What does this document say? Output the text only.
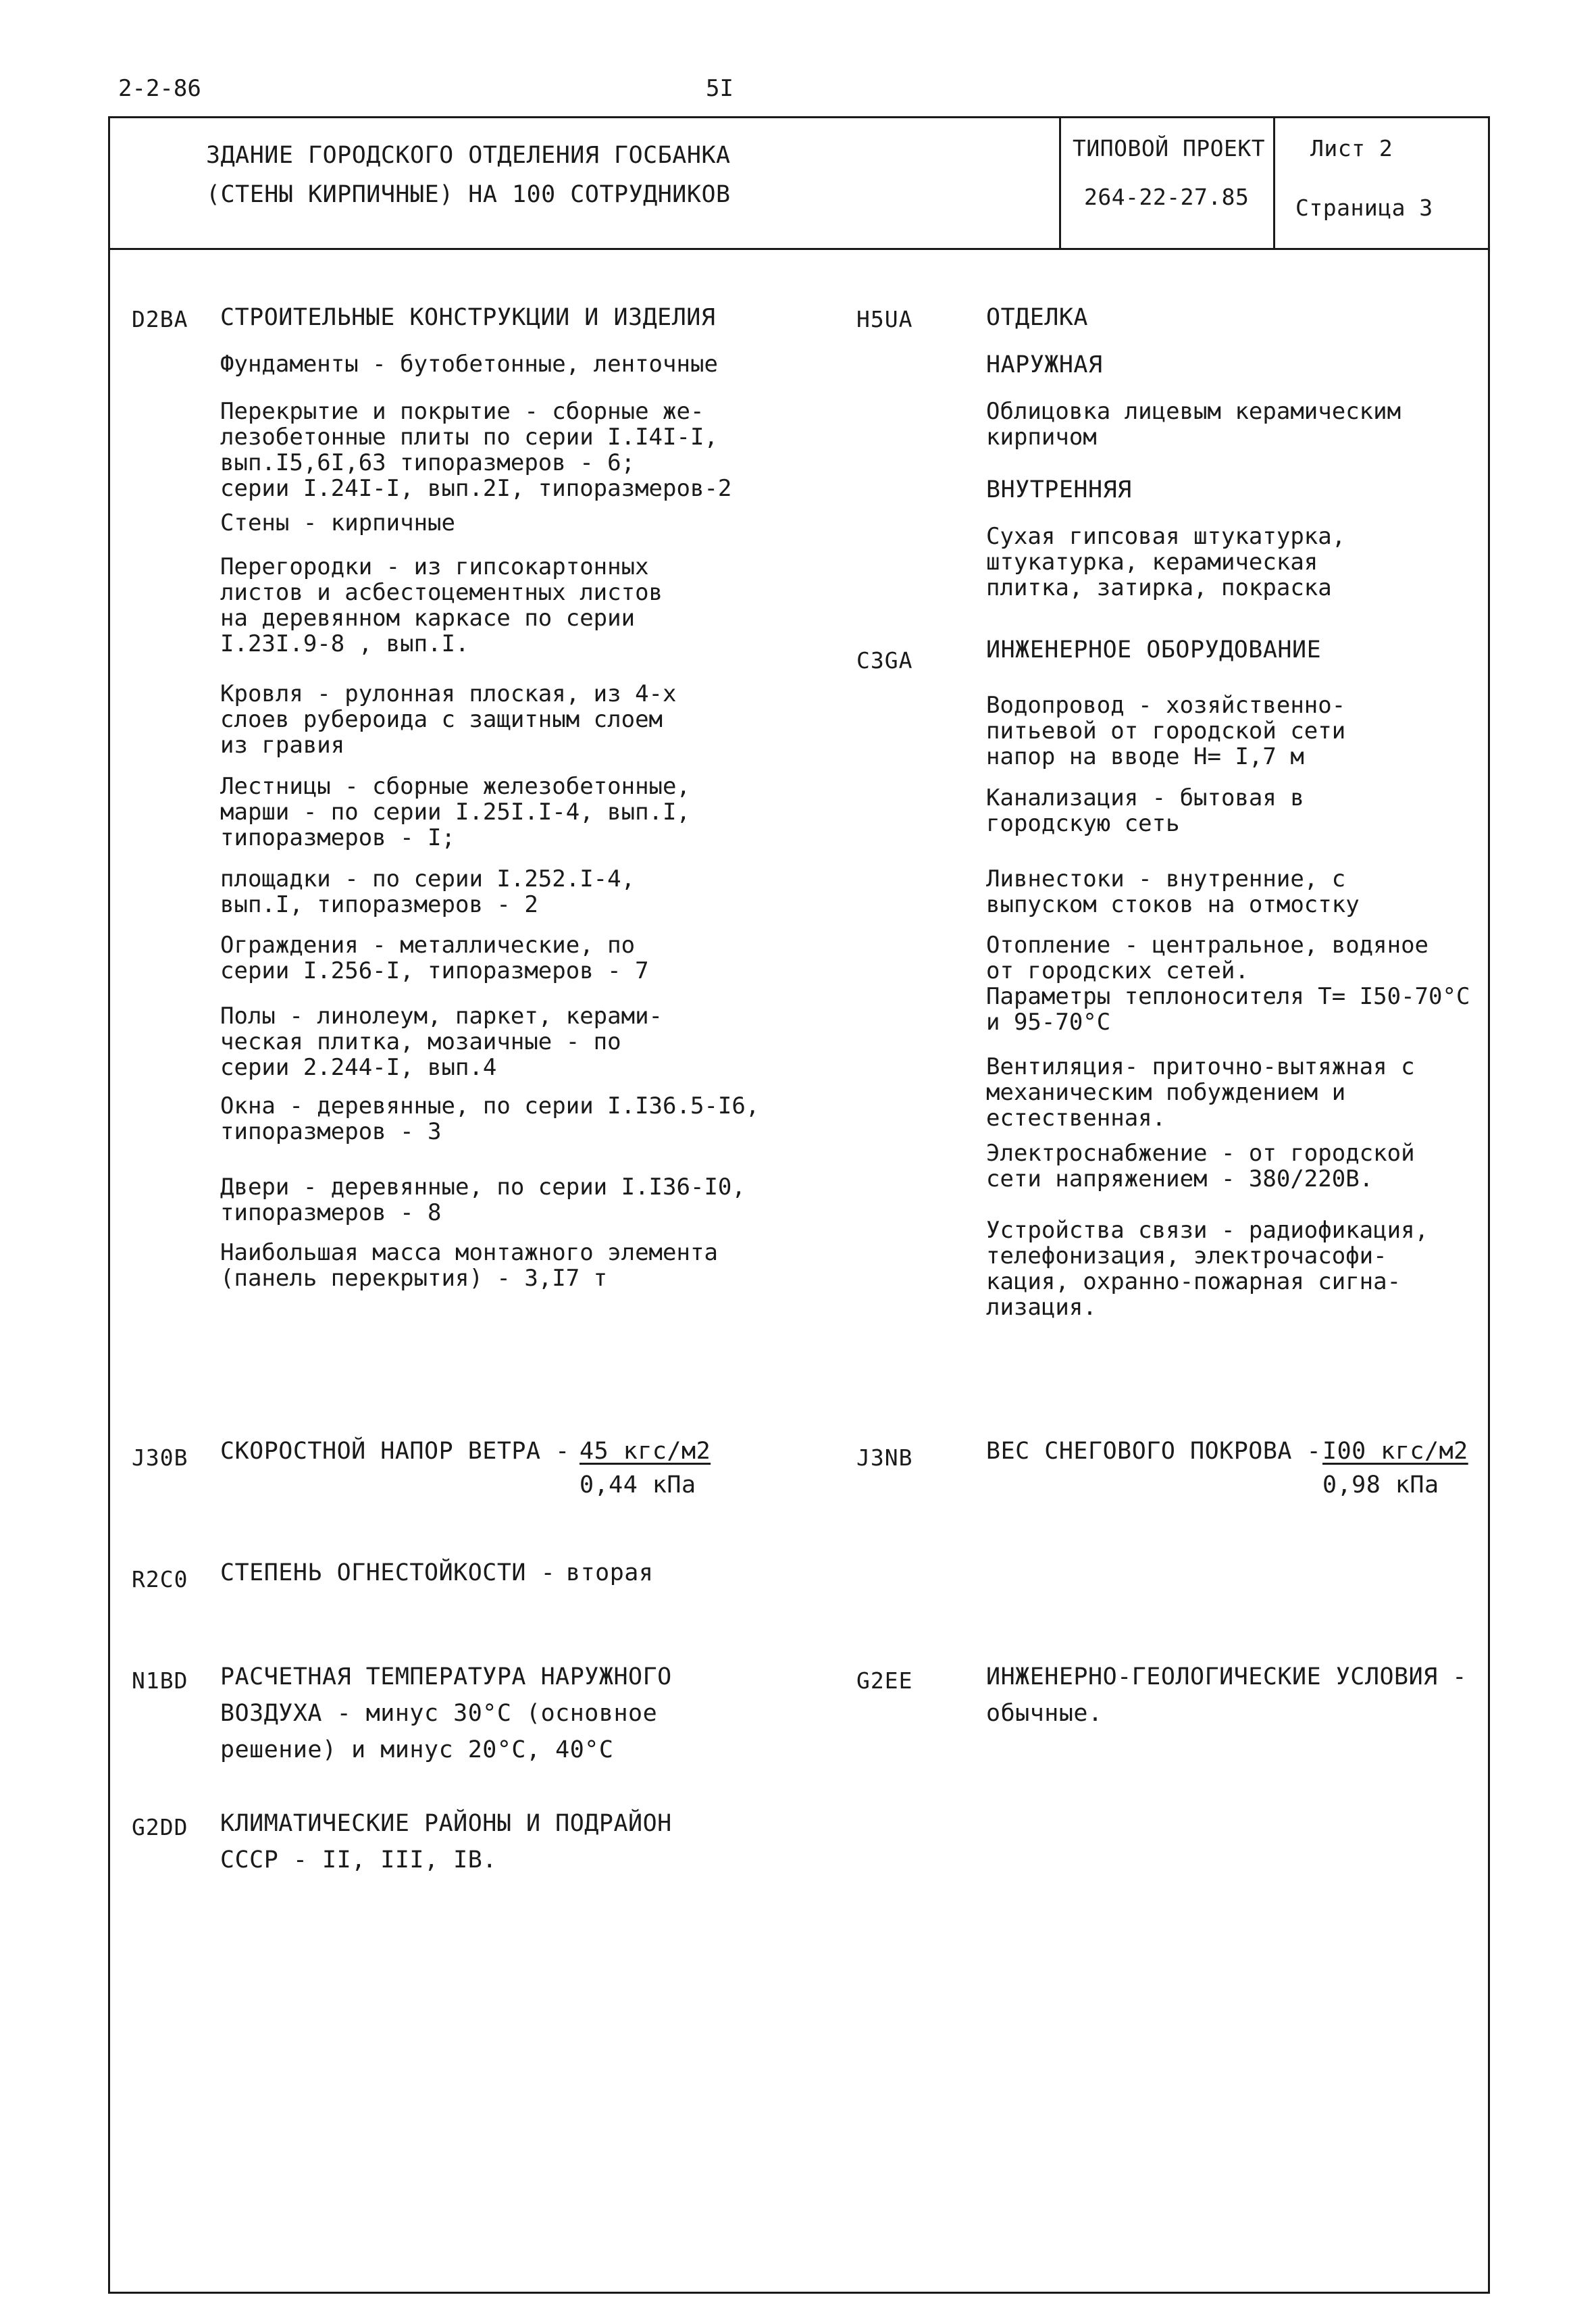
2-2-86	5I
ЗДАНИЕ ГОРОДСКОГО ОТДЕЛЕНИЯ ГОСБАНКА
(СТЕНЫ КИРПИЧНЫЕ) НА 100 СОТРУДНИКОВ
ТИПОВОЙ ПРОЕКТ
264-22-27.85
Лист 2
Страница 3
D2BA СТРОИТЕЛЬНЫЕ КОНСТРУКЦИИ И ИЗДЕЛИЯ
Фундаменты - бутобетонные, ленточные
Перекрытие и покрытие - сборные же-
лезобетонные плиты по серии I.I4I-I,
вып.I5,6I,63 типоразмеров - 6;
серии I.24I-I, вып.2I, типоразмеров-2
Стены - кирпичные
Перегородки - из гипсокартонных
листов и асбестоцементных листов
на деревянном каркасе по серии
I.23I.9-8 , вып.I.
Кровля - рулонная плоская, из 4-х
слоев рубероида с защитным слоем
из гравия
Лестницы - сборные железобетонные,
марши - по серии I.25I.I-4, вып.I,
типоразмеров - I;
площадки - по серии I.252.I-4,
вып.I, типоразмеров - 2
Ограждения - металлические, по
серии I.256-I, типоразмеров - 7
Полы - линолеум, паркет, керами-
ческая плитка, мозаичные - по
серии 2.244-I, вып.4
Окна - деревянные, по серии I.I36.5-I6,
типоразмеров - 3
Двери - деревянные, по серии I.I36-I0,
типоразмеров - 8
Наибольшая масса монтажного элемента
(панель перекрытия) - 3,I7 т
H5UA	ОТДЕЛКА
НАРУЖНАЯ
Облицовка лицевым керамическим
кирпичом
ВНУТРЕННЯЯ
Сухая гипсовая штукатурка,
штукатурка, керамическая
плитка, затирка, покраска
C3GA	ИНЖЕНЕРНОЕ ОБОРУДОВАНИЕ
Водопровод - хозяйственно-
питьевой от городской сети
напор на вводе H= I,7 м
Канализация - бытовая в
городскую сеть
Ливнестоки - внутренние, с
выпуском стоков на отмостку
Отопление - центральное, водяное
от городских сетей.
Параметры теплоносителя T= I50-70°C
и 95-70°C
Вентиляция- приточно-вытяжная с
механическим побуждением и
естественная.
Электроснабжение - от городской
сети напряжением - 380/220В.
Устройства связи - радиофикация,
телефонизация, электрочасофи-
кация, охранно-пожарная сигна-
лизация.
J30B СКОРОСТНОЙ НАПОР ВЕТРА - 45 кгс/м2
0,44 кПа
J3NB	ВЕС СНЕГОВОГО ПОКРОВА - I00 кгс/м2
0,98 кПа
R2C0 СТЕПЕНЬ ОГНЕСТОЙКОСТИ - вторая
N1BD РАСЧЕТНАЯ ТЕМПЕРАТУРА НАРУЖНОГО
ВОЗДУХА - минус 30°C (основное
решение) и минус 20°C, 40°C
G2EE	ИНЖЕНЕРНО-ГЕОЛОГИЧЕСКИЕ УСЛОВИЯ -
обычные.
G2DD КЛИМАТИЧЕСКИЕ РАЙОНЫ И ПОДРАЙОН
СССР - II, III, IВ.
